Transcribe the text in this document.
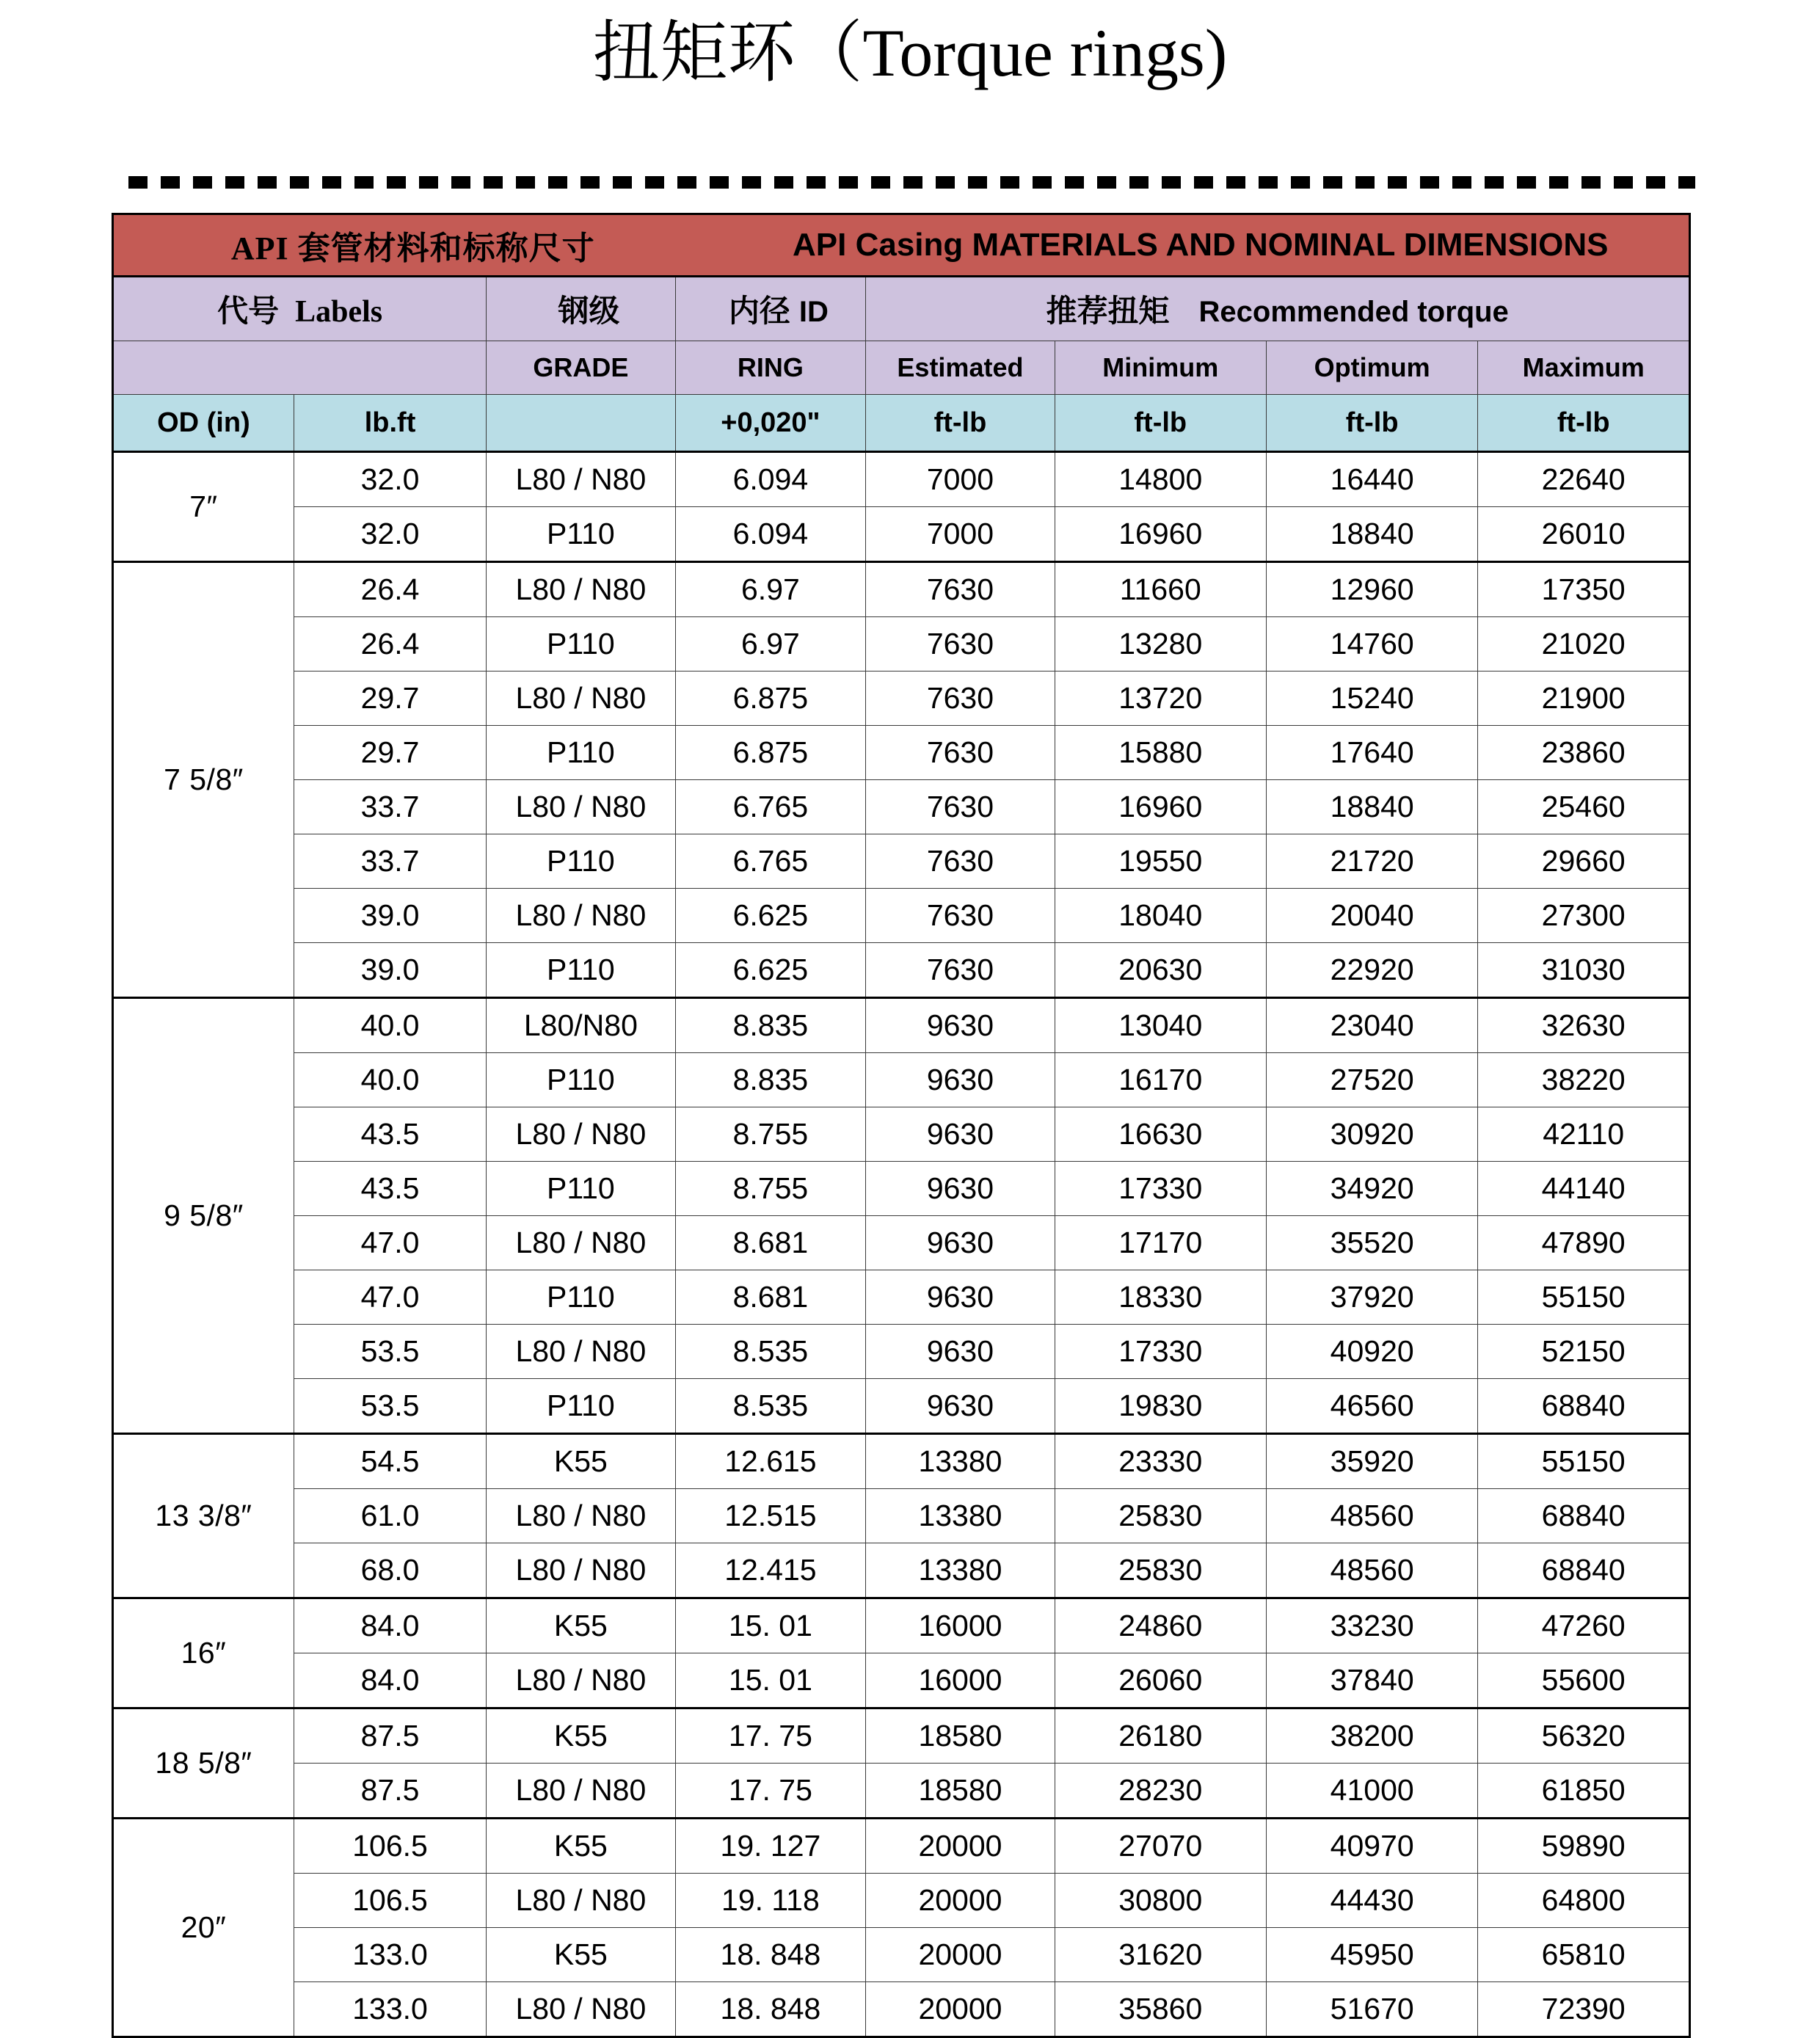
扭矩环（Torque rings)
API 套管材料和标称尺寸 API Casing MATERIALS AND NOMINAL DIMENSIONS							

代号 Labels		钢级	内径 ID	推荐扭矩 Recommended torque			
		GRADE	RING	Estimated	Minimum	Optimum	Maximum
OD (in)	lb.ft		+0,020"	ft-lb	ft-lb	ft-lb	ft-lb
7″	32.0	L80 / N80	6.094	7000	14800	16440	22640
	32.0	P110	6.094	7000	16960	18840	26010
7 5/8″	26.4	L80 / N80	6.97	7630	11660	12960	17350
	26.4	P110	6.97	7630	13280	14760	21020
	29.7	L80 / N80	6.875	7630	13720	15240	21900
	29.7	P110	6.875	7630	15880	17640	23860
	33.7	L80 / N80	6.765	7630	16960	18840	25460
	33.7	P110	6.765	7630	19550	21720	29660
	39.0	L80 / N80	6.625	7630	18040	20040	27300
	39.0	P110	6.625	7630	20630	22920	31030
9 5/8″	40.0	L80/N80	8.835	9630	13040	23040	32630
	40.0	P110	8.835	9630	16170	27520	38220
	43.5	L80 / N80	8.755	9630	16630	30920	42110
	43.5	P110	8.755	9630	17330	34920	44140
	47.0	L80 / N80	8.681	9630	17170	35520	47890
	47.0	P110	8.681	9630	18330	37920	55150
	53.5	L80 / N80	8.535	9630	17330	40920	52150
	53.5	P110	8.535	9630	19830	46560	68840
13 3/8″	54.5	K55	12.615	13380	23330	35920	55150
	61.0	L80 / N80	12.515	13380	25830	48560	68840
	68.0	L80 / N80	12.415	13380	25830	48560	68840
16″	84.0	K55	15. 01	16000	24860	33230	47260
	84.0	L80 / N80	15. 01	16000	26060	37840	55600
18 5/8″	87.5	K55	17. 75	18580	26180	38200	56320
	87.5	L80 / N80	17. 75	18580	28230	41000	61850
20″	106.5	K55	19. 127	20000	27070	40970	59890
	106.5	L80 / N80	19. 118	20000	30800	44430	64800
	133.0	K55	18. 848	20000	31620	45950	65810
	133.0	L80 / N80	18. 848	20000	35860	51670	72390
